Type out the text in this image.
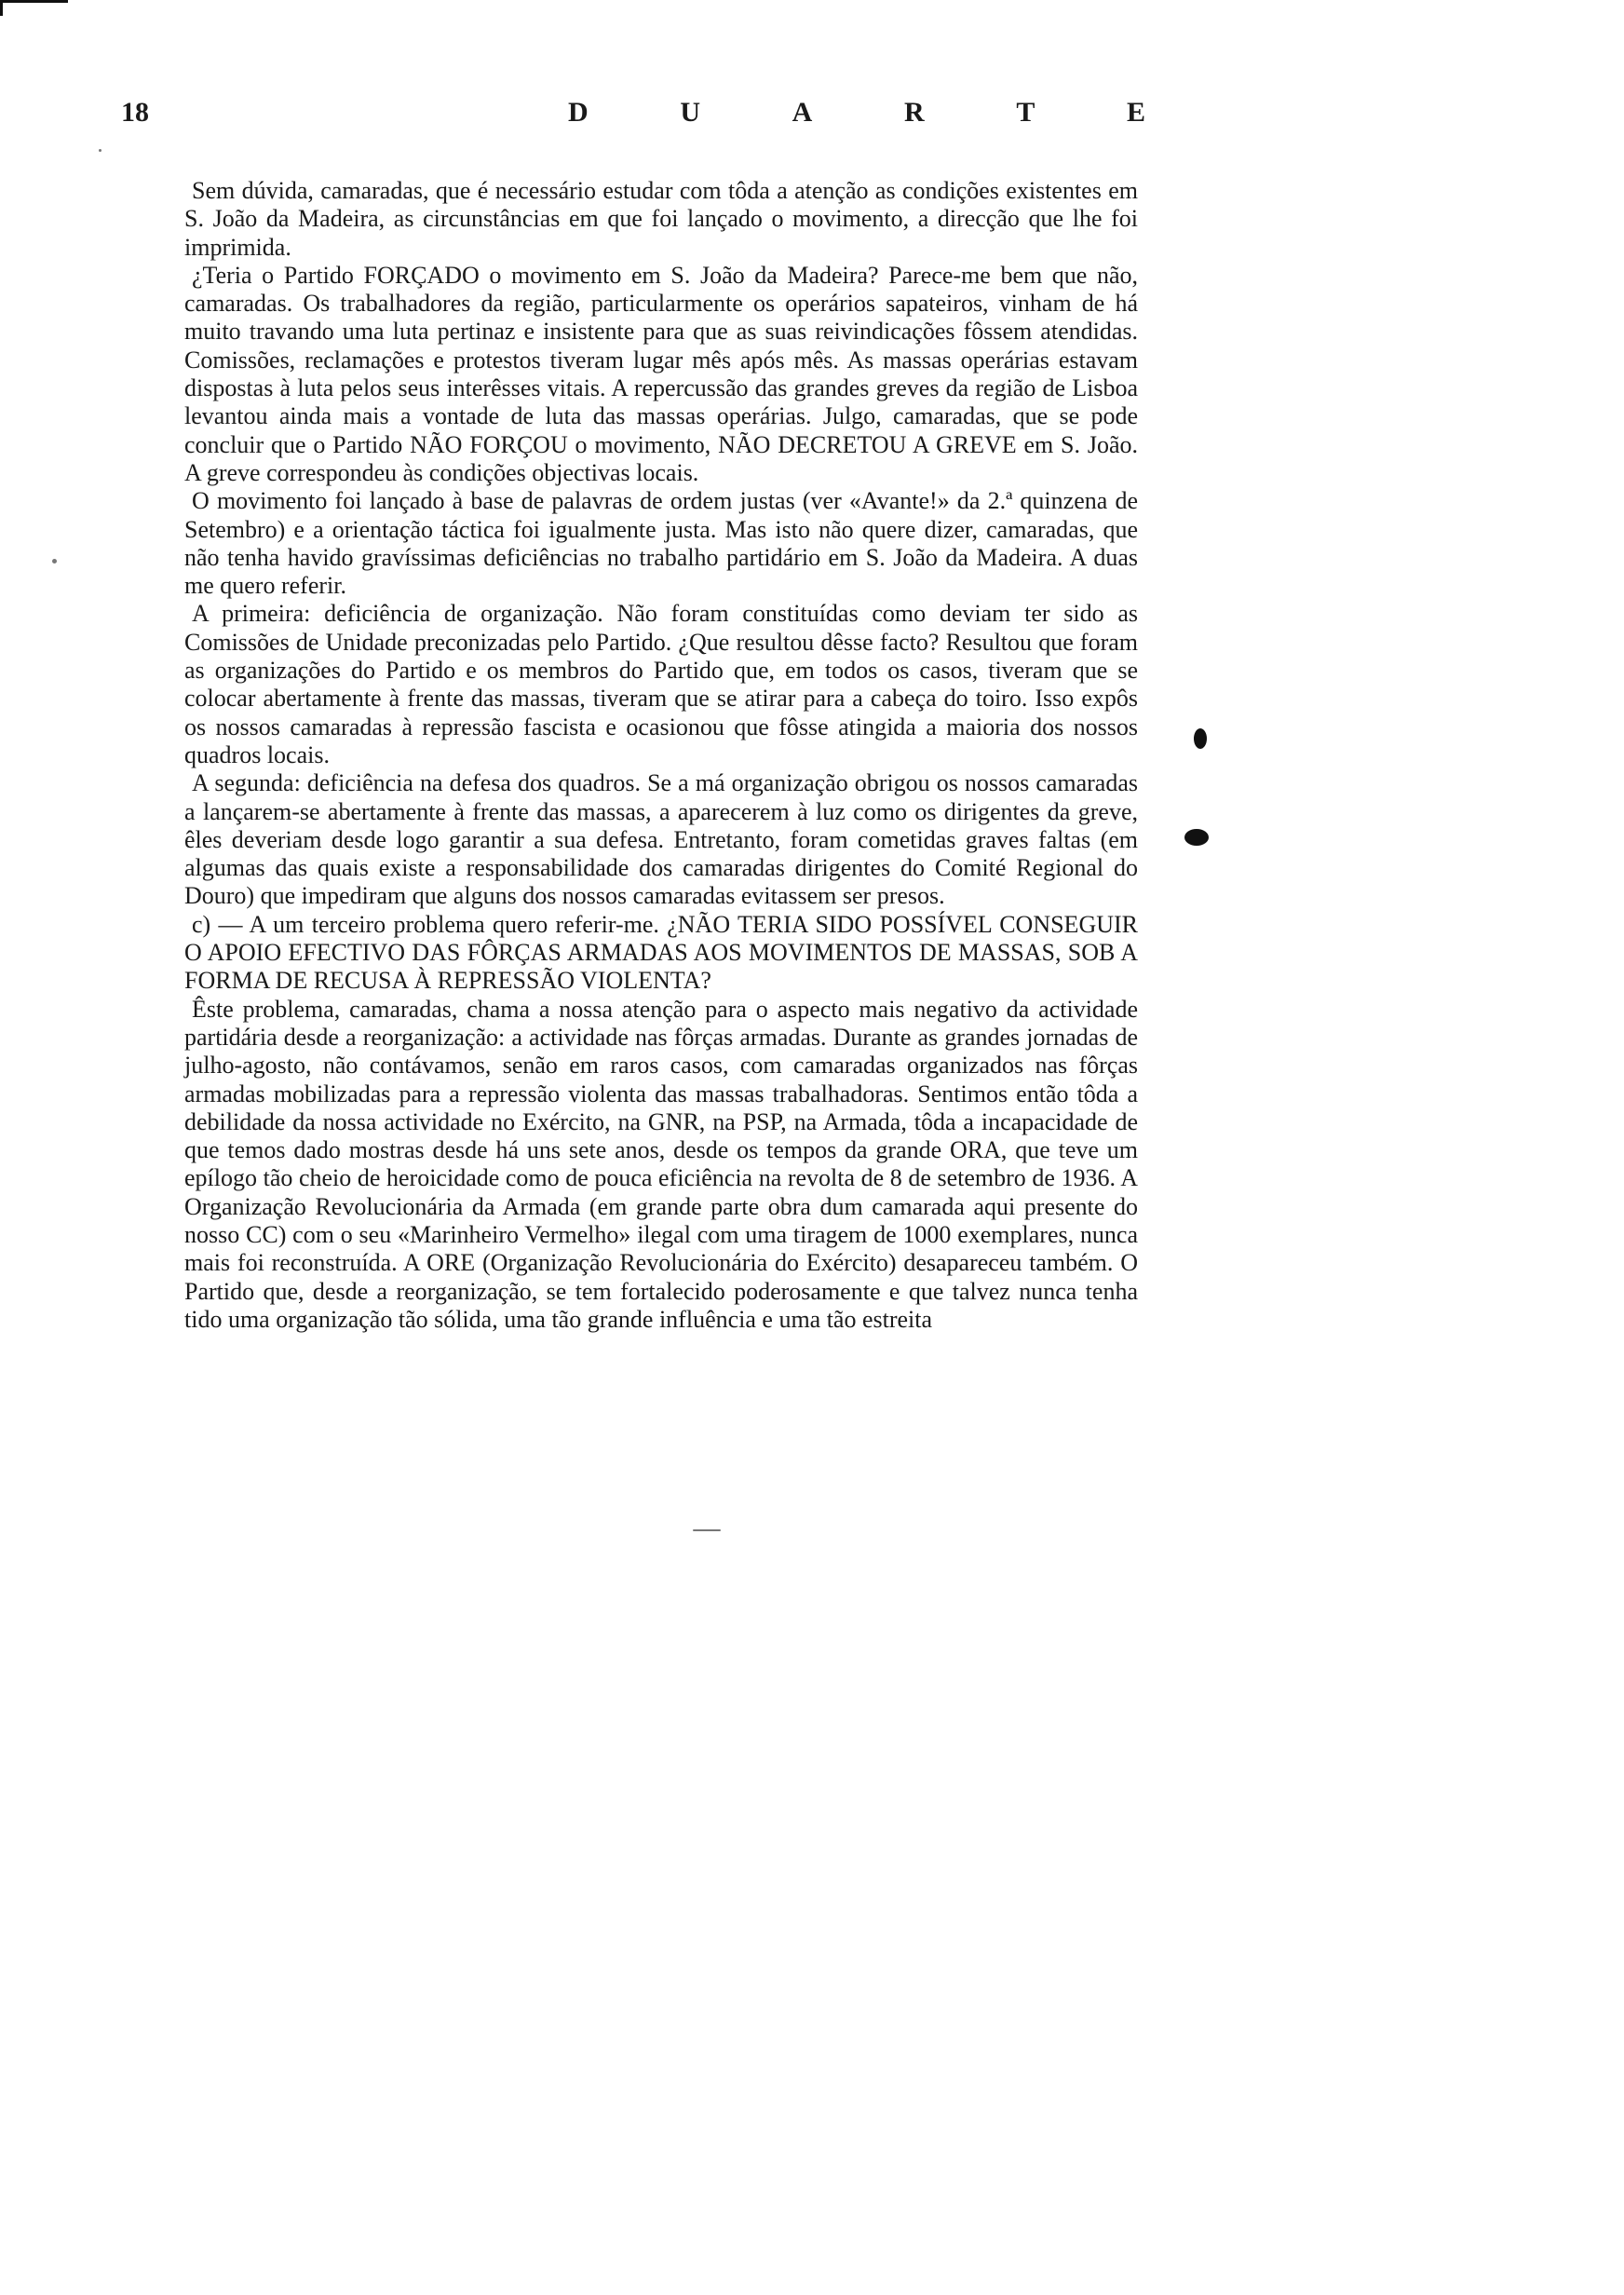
18	D	U	A	R	T	E

Sem dúvida, camaradas, que é necessário estudar com tôda a atenção as condições existentes em S. João da Madeira, as circunstâncias em que foi lançado o movimento, a direcção que lhe foi imprimida.

¿Teria o Partido FORÇADO o movimento em S. João da Madeira? Parece-me bem que não, camaradas. Os trabalhadores da região, particularmente os operários sapateiros, vinham de há muito travando uma luta pertinaz e insistente para que as suas reivindicações fôssem atendidas. Comissões, reclamações e protestos tiveram lugar mês após mês. As massas operárias estavam dispostas à luta pelos seus interêsses vitais. A repercussão das grandes greves da região de Lisboa levantou ainda mais a vontade de luta das massas operárias. Julgo, camaradas, que se pode concluir que o Partido NÃO FORÇOU o movimento, NÃO DECRETOU A GREVE em S. João. A greve correspondeu às condições objectivas locais.

O movimento foi lançado à base de palavras de ordem justas (ver «Avante!» da 2.ª quinzena de Setembro) e a orientação táctica foi igualmente justa. Mas isto não quere dizer, camaradas, que não tenha havido gravíssimas deficiências no trabalho partidário em S. João da Madeira. A duas me quero referir.

A primeira: deficiência de organização. Não foram constituídas como deviam ter sido as Comissões de Unidade preconizadas pelo Partido. ¿Que resultou dêsse facto? Resultou que foram as organizações do Partido e os membros do Partido que, em todos os casos, tiveram que se colocar abertamente à frente das massas, tiveram que se atirar para a cabeça do toiro. Isso expôs os nossos camaradas à repressão fascista e ocasionou que fôsse atingida a maioria dos nossos quadros locais.

A segunda: deficiência na defesa dos quadros. Se a má organização obrigou os nossos camaradas a lançarem-se abertamente à frente das massas, a aparecerem à luz como os dirigentes da greve, êles deveriam desde logo garantir a sua defesa. Entretanto, foram cometidas graves faltas (em algumas das quais existe a responsabilidade dos camaradas dirigentes do Comité Regional do Douro) que impediram que alguns dos nossos camaradas evitassem ser presos.

c) — A um terceiro problema quero referir-me. ¿NÃO TERIA SIDO POSSÍVEL CONSEGUIR O APOIO EFECTIVO DAS FÔRÇAS ARMADAS AOS MOVIMENTOS DE MASSAS, SOB A FORMA DE RECUSA À REPRESSÃO VIOLENTA?

Êste problema, camaradas, chama a nossa atenção para o aspecto mais negativo da actividade partidária desde a reorganização: a actividade nas fôrças armadas. Durante as grandes jornadas de julho-agosto, não contávamos, senão em raros casos, com camaradas organizados nas fôrças armadas mobilizadas para a repressão violenta das massas trabalhadoras. Sentimos então tôda a debilidade da nossa actividade no Exército, na GNR, na PSP, na Armada, tôda a incapacidade de que temos dado mostras desde há uns sete anos, desde os tempos da grande ORA, que teve um epílogo tão cheio de heroicidade como de pouca eficiência na revolta de 8 de setembro de 1936. A Organização Revolucionária da Armada (em grande parte obra dum camarada aqui presente do nosso CC) com o seu «Marinheiro Vermelho» ilegal com uma tiragem de 1000 exemplares, nunca mais foi reconstruída. A ORE (Organização Revolucionária do Exército) desapareceu também. O Partido que, desde a reorganização, se tem fortalecido poderosamente e que talvez nunca tenha tido uma organização tão sólida, uma tão grande influência e uma tão estreita
